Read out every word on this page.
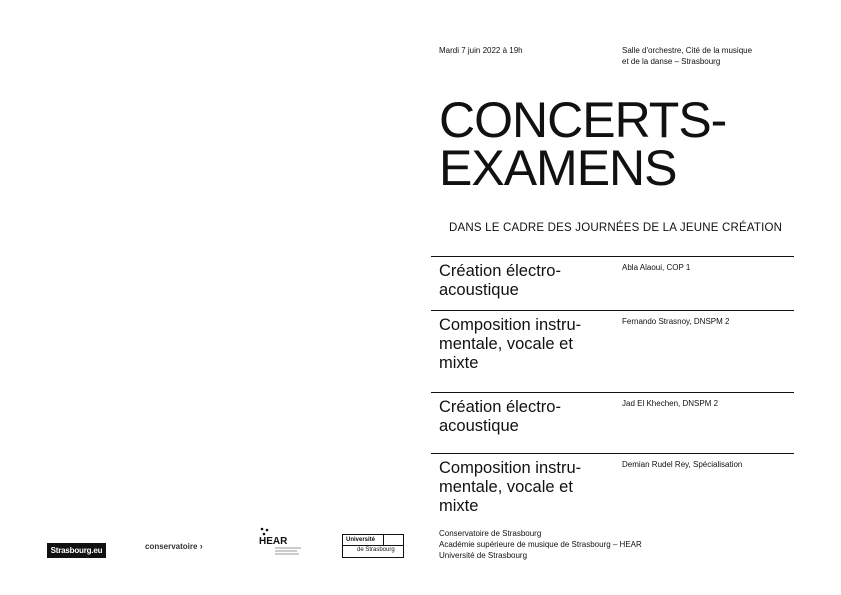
Mardi 7 juin 2022 à 19h	Salle d'orchestre, Cité de la musique
et de la danse – Strasbourg
CONCERTS-
EXAMENS
DANS LE CADRE DES JOURNÉES DE LA JEUNE CRÉATION
Création électro-
acoustique
Abla Alaoui, COP 1
Composition instru-
mentale, vocale et
mixte
Fernando Strasnoy, DNSPM 2
Création électro-
acoustique
Jad El Khechen, DNSPM 2
Composition instru-
mentale, vocale et
mixte
Demian Rudel Rey, Spécialisation
Conservatoire de Strasbourg
Académie supérieure de musique de Strasbourg – HEAR
Université de Strasbourg
Strasbourg.eu	conservatoire ›	HEAR	Université
de Strasbourg
